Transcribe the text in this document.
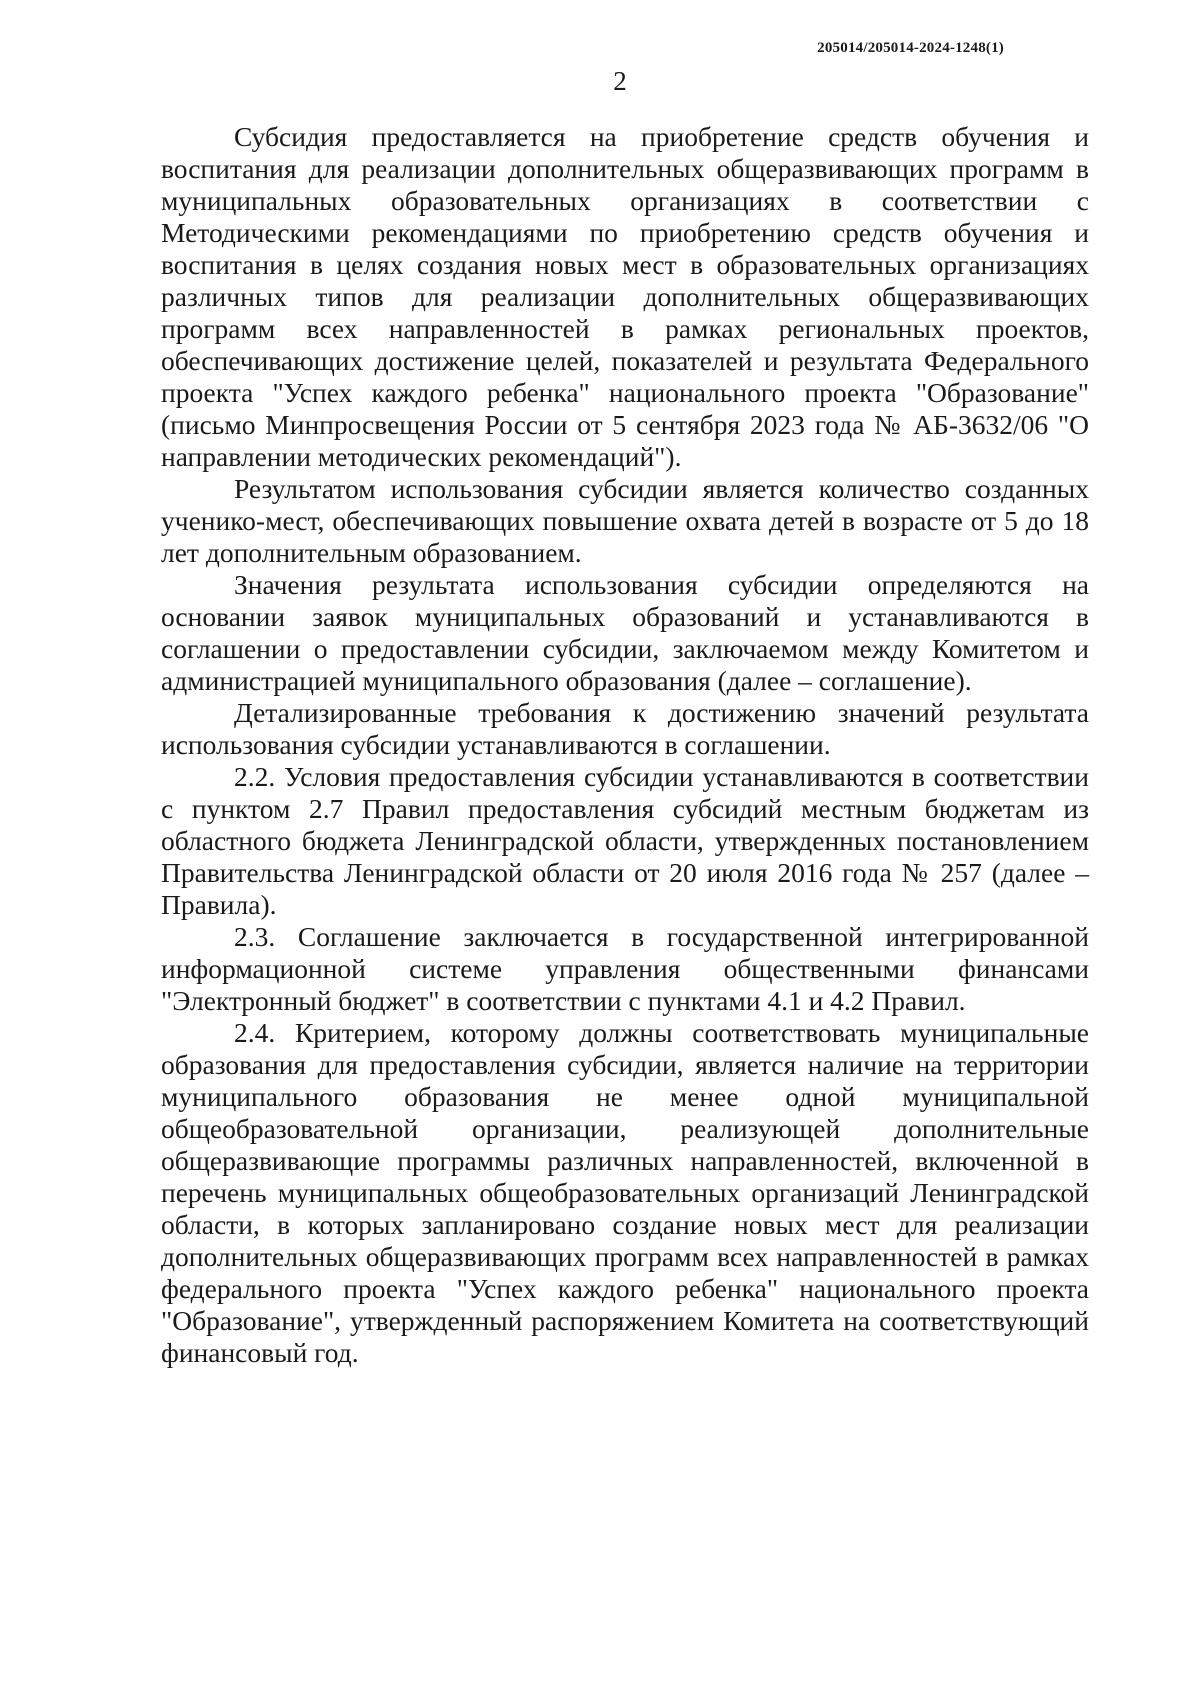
205014/205014-2024-1248(1)
2

Субсидия предоставляется на приобретение средств обучения и воспитания для реализации дополнительных общеразвивающих программ в муниципальных образовательных организациях в соответствии с Методическими рекомендациями по приобретению средств обучения и воспитания в целях создания новых мест в образовательных организациях различных типов для реализации дополнительных общеразвивающих программ всех направленностей в рамках региональных проектов, обеспечивающих достижение целей, показателей и результата Федерального проекта "Успех каждого ребенка" национального проекта "Образование" (письмо Минпросвещения России от 5 сентября 2023 года № АБ-3632/06 "О направлении методических рекомендаций").

Результатом использования субсидии является количество созданных ученико-мест, обеспечивающих повышение охвата детей в возрасте от 5 до 18 лет дополнительным образованием.

Значения результата использования субсидии определяются на основании заявок муниципальных образований и устанавливаются в соглашении о предоставлении субсидии, заключаемом между Комитетом и администрацией муниципального образования (далее – соглашение).

Детализированные требования к достижению значений результата использования субсидии устанавливаются в соглашении.

2.2. Условия предоставления субсидии устанавливаются в соответствии с пунктом 2.7 Правил предоставления субсидий местным бюджетам из областного бюджета Ленинградской области, утвержденных постановлением Правительства Ленинградской области от 20 июля 2016 года № 257 (далее – Правила).

2.3. Соглашение заключается в государственной интегрированной информационной системе управления общественными финансами "Электронный бюджет" в соответствии с пунктами 4.1 и 4.2 Правил.

2.4. Критерием, которому должны соответствовать муниципальные образования для предоставления субсидии, является наличие на территории муниципального образования не менее одной муниципальной общеобразовательной организации, реализующей дополнительные общеразвивающие программы различных направленностей, включенной в перечень муниципальных общеобразовательных организаций Ленинградской области, в которых запланировано создание новых мест для реализации дополнительных общеразвивающих программ всех направленностей в рамках федерального проекта "Успех каждого ребенка" национального проекта "Образование", утвержденный распоряжением Комитета на соответствующий финансовый год.
